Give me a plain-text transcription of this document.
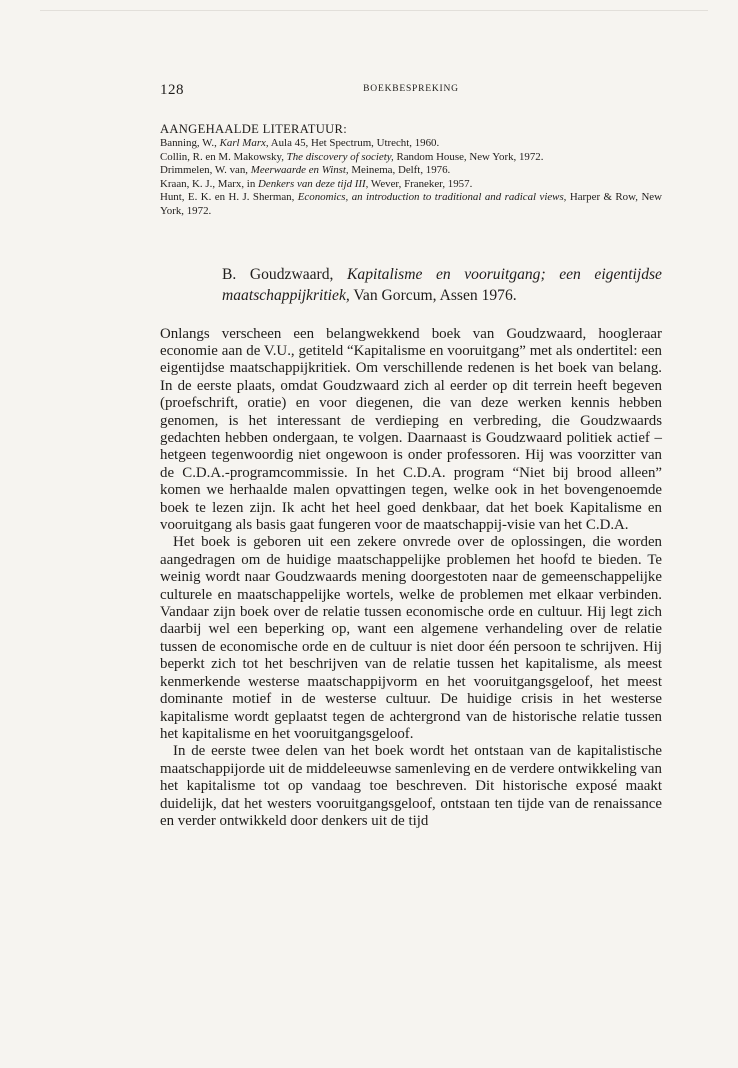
128	BOEKBESPREKING
AANGEHAALDE LITERATUUR:

Banning, W., Karl Marx, Aula 45, Het Spectrum, Utrecht, 1960.

Collin, R. en M. Makowsky, The discovery of society, Random House, New York, 1972.

Drimmelen, W. van, Meerwaarde en Winst, Meinema, Delft, 1976.

Kraan, K. J., Marx, in Denkers van deze tijd III, Wever, Franeker, 1957.

Hunt, E. K. en H. J. Sherman, Economics, an introduction to traditional and radical views, Harper & Row, New York, 1972.

B. Goudzwaard, Kapitalisme en vooruitgang; een eigentijdse maatschappijkritiek, Van Gorcum, Assen 1976.

Onlangs verscheen een belangwekkend boek van Goudzwaard, hoogleraar economie aan de V.U., getiteld “Kapitalisme en vooruitgang” met als ondertitel: een eigentijdse maatschappijkritiek. Om verschillende redenen is het boek van belang. In de eerste plaats, omdat Goudzwaard zich al eerder op dit terrein heeft begeven (proefschrift, oratie) en voor diegenen, die van deze werken kennis hebben genomen, is het interessant de verdieping en verbreding, die Goudzwaards gedachten hebben ondergaan, te volgen. Daarnaast is Goudzwaard politiek actief – hetgeen tegenwoordig niet ongewoon is onder professoren. Hij was voorzitter van de C.D.A.-programcommissie. In het C.D.A. program “Niet bij brood alleen” komen we herhaalde malen opvattingen tegen, welke ook in het bovengenoemde boek te lezen zijn. Ik acht het heel goed denkbaar, dat het boek Kapitalisme en vooruitgang als basis gaat fungeren voor de maatschappij-visie van het C.D.A.

Het boek is geboren uit een zekere onvrede over de oplossingen, die worden aangedragen om de huidige maatschappelijke problemen het hoofd te bieden. Te weinig wordt naar Goudzwaards mening doorgestoten naar de gemeenschappelijke culturele en maatschappelijke wortels, welke de problemen met elkaar verbinden. Vandaar zijn boek over de relatie tussen economische orde en cultuur. Hij legt zich daarbij wel een beperking op, want een algemene verhandeling over de relatie tussen de economische orde en de cultuur is niet door één persoon te schrijven. Hij beperkt zich tot het beschrijven van de relatie tussen het kapitalisme, als meest kenmerkende westerse maatschappijvorm en het vooruitgangsgeloof, het meest dominante motief in de westerse cultuur. De huidige crisis in het westerse kapitalisme wordt geplaatst tegen de achtergrond van de historische relatie tussen het kapitalisme en het vooruitgangsgeloof.

In de eerste twee delen van het boek wordt het ontstaan van de kapitalistische maatschappijorde uit de middeleeuwse samenleving en de verdere ontwikkeling van het kapitalisme tot op vandaag toe beschreven. Dit historische exposé maakt duidelijk, dat het westers vooruitgangsgeloof, ontstaan ten tijde van de renaissance en verder ontwikkeld door denkers uit de tijd
